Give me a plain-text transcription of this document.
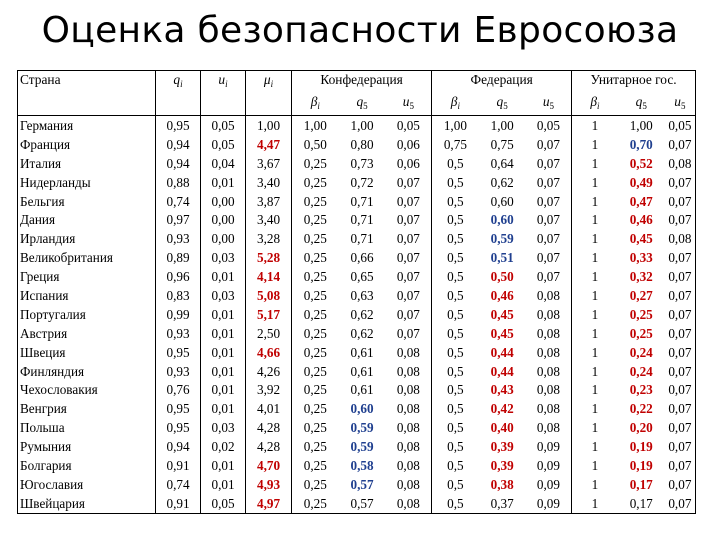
Оценка безопасности Евросоюза
Страна	$q_i$	$u_i$	$\mu_i$	Конфедерация			Федерация			Унитарное гос.		
				$\beta_i$	$q_5$	$u_5$	$\beta_i$	$q_5$	$u_5$	$\beta_i$	$q_5$	$u_5$
Германия	0,95	0,05	1,00	1,00	1,00	0,05	1,00	1,00	0,05	1	1,00	0,05
Франция	0,94	0,05	4,47	0,50	0,80	0,06	0,75	0,75	0,07	1	0,70	0,07
Италия	0,94	0,04	3,67	0,25	0,73	0,06	0,5	0,64	0,07	1	0,52	0,08
Нидерланды	0,88	0,01	3,40	0,25	0,72	0,07	0,5	0,62	0,07	1	0,49	0,07
Бельгия	0,74	0,00	3,87	0,25	0,71	0,07	0,5	0,60	0,07	1	0,47	0,07
Дания	0,97	0,00	3,40	0,25	0,71	0,07	0,5	0,60	0,07	1	0,46	0,07
Ирландия	0,93	0,00	3,28	0,25	0,71	0,07	0,5	0,59	0,07	1	0,45	0,08
Великобритания	0,89	0,03	5,28	0,25	0,66	0,07	0,5	0,51	0,07	1	0,33	0,07
Греция	0,96	0,01	4,14	0,25	0,65	0,07	0,5	0,50	0,07	1	0,32	0,07
Испания	0,83	0,03	5,08	0,25	0,63	0,07	0,5	0,46	0,08	1	0,27	0,07
Португалия	0,99	0,01	5,17	0,25	0,62	0,07	0,5	0,45	0,08	1	0,25	0,07
Австрия	0,93	0,01	2,50	0,25	0,62	0,07	0,5	0,45	0,08	1	0,25	0,07
Швеция	0,95	0,01	4,66	0,25	0,61	0,08	0,5	0,44	0,08	1	0,24	0,07
Финляндия	0,93	0,01	4,26	0,25	0,61	0,08	0,5	0,44	0,08	1	0,24	0,07
Чехословакия	0,76	0,01	3,92	0,25	0,61	0,08	0,5	0,43	0,08	1	0,23	0,07
Венгрия	0,95	0,01	4,01	0,25	0,60	0,08	0,5	0,42	0,08	1	0,22	0,07
Польша	0,95	0,03	4,28	0,25	0,59	0,08	0,5	0,40	0,08	1	0,20	0,07
Румыния	0,94	0,02	4,28	0,25	0,59	0,08	0,5	0,39	0,09	1	0,19	0,07
Болгария	0,91	0,01	4,70	0,25	0,58	0,08	0,5	0,39	0,09	1	0,19	0,07
Югославия	0,74	0,01	4,93	0,25	0,57	0,08	0,5	0,38	0,09	1	0,17	0,07
Швейцария	0,91	0,05	4,97	0,25	0,57	0,08	0,5	0,37	0,09	1	0,17	0,07
